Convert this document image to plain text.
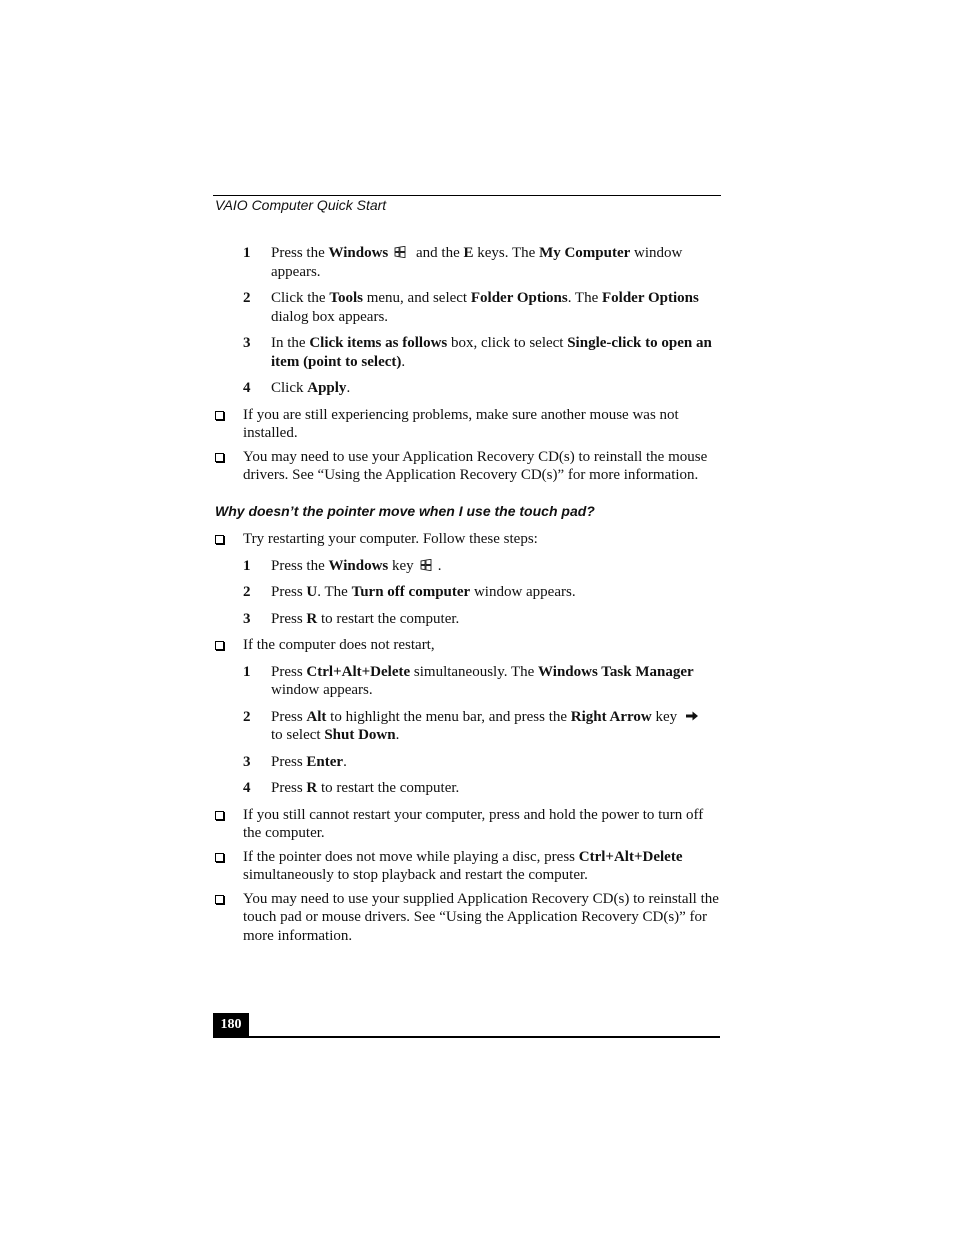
VAIO Computer Quick Start
1 Press the Windows and the E keys. The My Computer window appears.
2 Click the Tools menu, and select Folder Options. The Folder Options dialog box appears.
3 In the Click items as follows box, click to select Single-click to open an item (point to select).
4 Click Apply.
If you are still experiencing problems, make sure another mouse was not installed.
You may need to use your Application Recovery CD(s) to reinstall the mouse drivers. See “Using the Application Recovery CD(s)” for more information.
Why doesn’t the pointer move when I use the touch pad?
Try restarting your computer. Follow these steps:
1 Press the Windows key .
2 Press U. The Turn off computer window appears.
3 Press R to restart the computer.
If the computer does not restart,
1 Press Ctrl+Alt+Delete simultaneously. The Windows Task Manager window appears.
2 Press Alt to highlight the menu bar, and press the Right Arrow key
to select Shut Down.
3 Press Enter.
4 Press R to restart the computer.
If you still cannot restart your computer, press and hold the power to turn off the computer.
If the pointer does not move while playing a disc, press Ctrl+Alt+Delete simultaneously to stop playback and restart the computer.
You may need to use your supplied Application Recovery CD(s) to reinstall the touch pad or mouse drivers. See “Using the Application Recovery CD(s)” for more information.
180
